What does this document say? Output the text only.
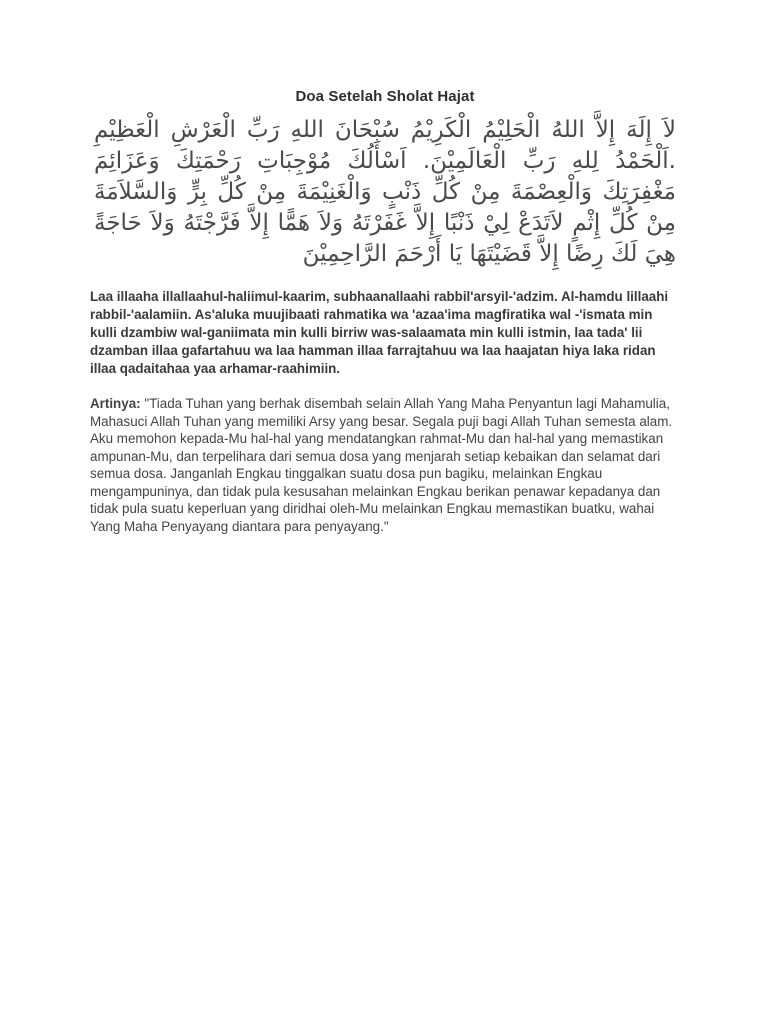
Doa Setelah Sholat Hajat
لاَ إِلَهَ إِلاَّ اللهُ الْحَلِيْمُ الْكَرِيْمُ سُبْحَانَ اللهِ رَبِّ الْعَرْشِ الْعَظِيْمِ .اَلْحَمْدُ لِلهِ رَبِّ الْعَالَمِيْنَ. اَسْأَلُكَ مُوْجِبَاتِ رَحْمَتِكَ وَعَزَائِمَ مَغْفِرَتِكَ وَالْعِصْمَةَ مِنْ كُلِّ ذَنْبٍ وَالْغَنِيْمَةَ مِنْ كُلِّ بِرٍّ وَالسَّلاَمَةَ مِنْ كُلِّ إِثْمٍ لاَتَدَعْ لِيْ ذَنْبًا إِلاَّ غَفَرْتَهُ وَلاَ هَمًّا إِلاَّ فَرَّجْتَهُ وَلاَ حَاجَةً هِيَ لَكَ رِضًا إِلاَّ قَضَيْتَهَا يَا أَرْحَمَ الرَّاحِمِيْنَ
Laa illaaha illallaahul-haliimul-kaarim, subhaanallaahi rabbil'arsyil-'adzim. Al-hamdu lillaahi rabbil-'aalamiin. As'aluka muujibaati rahmatika wa 'azaa'ima magfiratika wal -'ismata min kulli dzambiw wal-ganiimata min kulli birriw was-salaamata min kulli istmin, laa tada' lii dzamban illaa gafartahuu wa laa hamman illaa farrajtahuu wa laa haajatan hiya laka ridan illaa qadaitahaa yaa arhamar-raahimiin.

Artinya: "Tiada Tuhan yang berhak disembah selain Allah Yang Maha Penyantun lagi Mahamulia, Mahasuci Allah Tuhan yang memiliki Arsy yang besar. Segala puji bagi Allah Tuhan semesta alam.

Aku memohon kepada-Mu hal-hal yang mendatangkan rahmat-Mu dan hal-hal yang memastikan ampunan-Mu, dan terpelihara dari semua dosa yang menjarah setiap kebaikan dan selamat dari semua dosa. Janganlah Engkau tinggalkan suatu dosa pun bagiku, melainkan Engkau mengampuninya, dan tidak pula kesusahan melainkan Engkau berikan penawar kepadanya dan tidak pula suatu keperluan yang diridhai oleh-Mu melainkan Engkau memastikan buatku, wahai Yang Maha Penyayang diantara para penyayang."
